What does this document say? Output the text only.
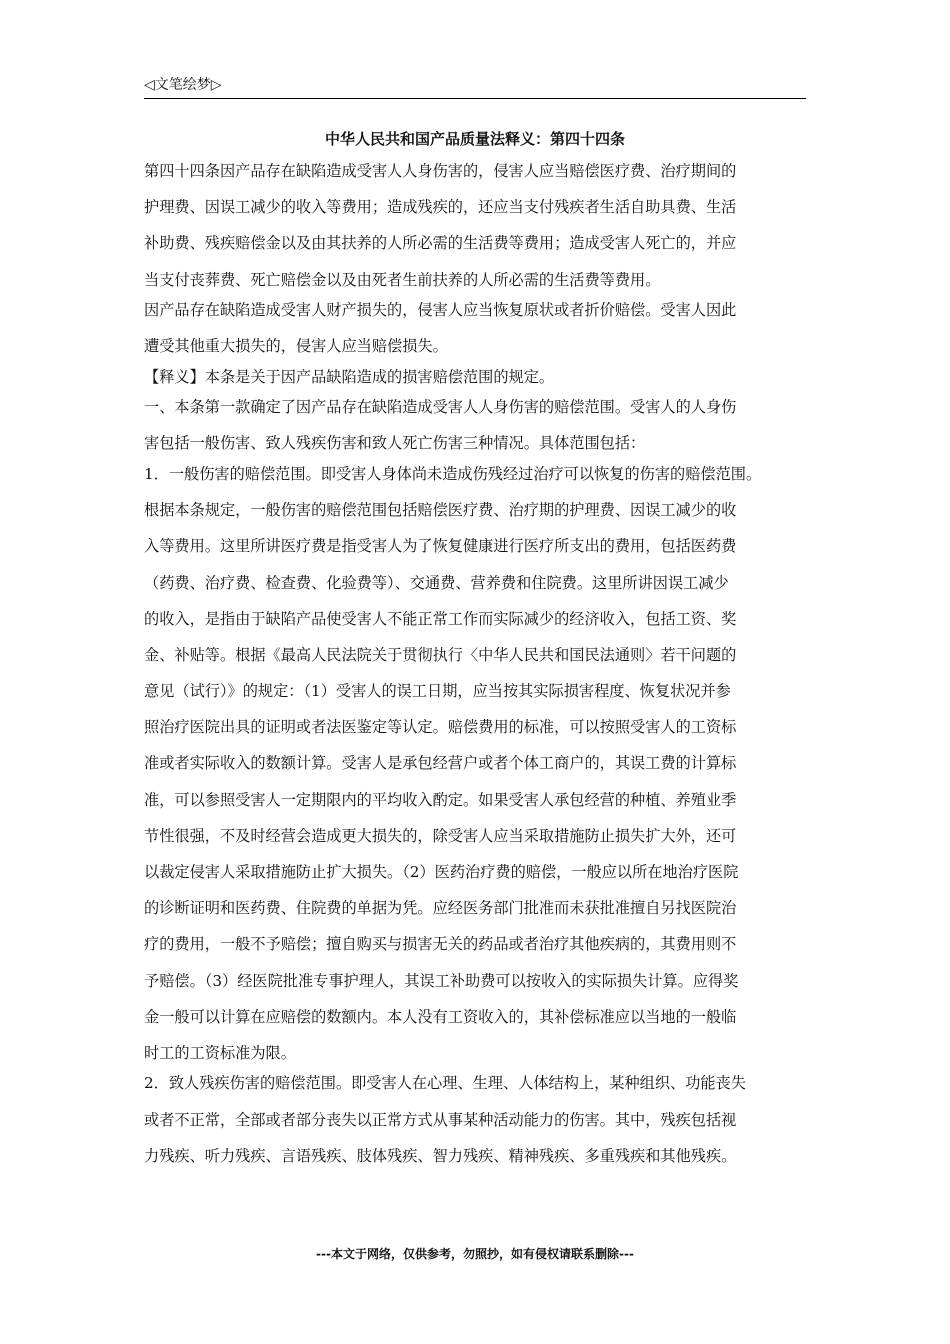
◁文笔绘梦▷
中华人民共和国产品质量法释义：第四十四条
第四十四条因产品存在缺陷造成受害人人身伤害的，侵害人应当赔偿医疗费、治疗期间的
护理费、因误工减少的收入等费用；造成残疾的，还应当支付残疾者生活自助具费、生活
补助费、残疾赔偿金以及由其扶养的人所必需的生活费等费用；造成受害人死亡的，并应
当支付丧葬费、死亡赔偿金以及由死者生前扶养的人所必需的生活费等费用。
因产品存在缺陷造成受害人财产损失的，侵害人应当恢复原状或者折价赔偿。受害人因此
遭受其他重大损失的，侵害人应当赔偿损失。
【释义】本条是关于因产品缺陷造成的损害赔偿范围的规定。
一、本条第一款确定了因产品存在缺陷造成受害人人身伤害的赔偿范围。受害人的人身伤
害包括一般伤害、致人残疾伤害和致人死亡伤害三种情况。具体范围包括：
1．一般伤害的赔偿范围。即受害人身体尚未造成伤残经过治疗可以恢复的伤害的赔偿范围。
根据本条规定，一般伤害的赔偿范围包括赔偿医疗费、治疗期的护理费、因误工减少的收
入等费用。这里所讲医疗费是指受害人为了恢复健康进行医疗所支出的费用，包括医药费
（药费、治疗费、检查费、化验费等）、交通费、营养费和住院费。这里所讲因误工减少
的收入，是指由于缺陷产品使受害人不能正常工作而实际减少的经济收入，包括工资、奖
金、补贴等。根据《最高人民法院关于贯彻执行〈中华人民共和国民法通则〉若干问题的
意见（试行）》的规定：（1）受害人的误工日期，应当按其实际损害程度、恢复状况并参
照治疗医院出具的证明或者法医鉴定等认定。赔偿费用的标准，可以按照受害人的工资标
准或者实际收入的数额计算。受害人是承包经营户或者个体工商户的，其误工费的计算标
准，可以参照受害人一定期限内的平均收入酌定。如果受害人承包经营的种植、养殖业季
节性很强，不及时经营会造成更大损失的，除受害人应当采取措施防止损失扩大外，还可
以裁定侵害人采取措施防止扩大损失。（2）医药治疗费的赔偿，一般应以所在地治疗医院
的诊断证明和医药费、住院费的单据为凭。应经医务部门批准而未获批准擅自另找医院治
疗的费用，一般不予赔偿；擅自购买与损害无关的药品或者治疗其他疾病的，其费用则不
予赔偿。（3）经医院批准专事护理人，其误工补助费可以按收入的实际损失计算。应得奖
金一般可以计算在应赔偿的数额内。本人没有工资收入的，其补偿标准应以当地的一般临
时工的工资标准为限。
2．致人残疾伤害的赔偿范围。即受害人在心理、生理、人体结构上，某种组织、功能丧失
或者不正常，全部或者部分丧失以正常方式从事某种活动能力的伤害。其中，残疾包括视
力残疾、听力残疾、言语残疾、肢体残疾、智力残疾、精神残疾、多重残疾和其他残疾。
---本文于网络，仅供参考，勿照抄，如有侵权请联系删除---
